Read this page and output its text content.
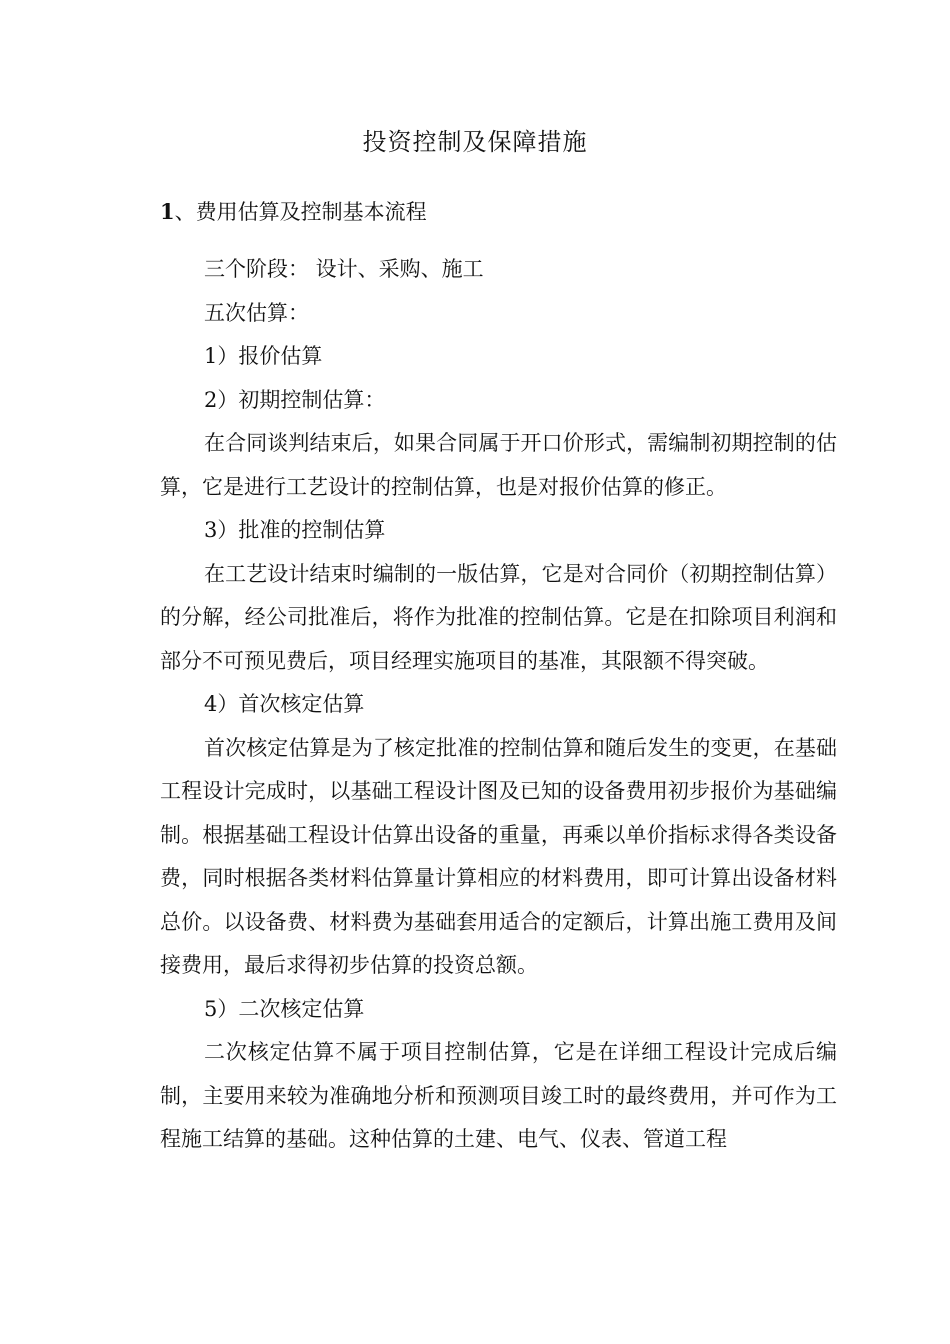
投资控制及保障措施
1、费用估算及控制基本流程

三个阶段： 设计、采购、施工

五次估算：

1）报价估算

2）初期控制估算：

在合同谈判结束后，如果合同属于开口价形式，需编制初期控制的估算，它是进行工艺设计的控制估算，也是对报价估算的修正。

3）批准的控制估算

在工艺设计结束时编制的一版估算，它是对合同价（初期控制估算）的分解，经公司批准后，将作为批准的控制估算。它是在扣除项目利润和部分不可预见费后，项目经理实施项目的基准，其限额不得突破。

4）首次核定估算

首次核定估算是为了核定批准的控制估算和随后发生的变更，在基础工程设计完成时，以基础工程设计图及已知的设备费用初步报价为基础编制。根据基础工程设计估算出设备的重量，再乘以单价指标求得各类设备费，同时根据各类材料估算量计算相应的材料费用，即可计算出设备材料总价。以设备费、材料费为基础套用适合的定额后，计算出施工费用及间接费用，最后求得初步估算的投资总额。

5）二次核定估算

二次核定估算不属于项目控制估算，它是在详细工程设计完成后编制，主要用来较为准确地分析和预测项目竣工时的最终费用，并可作为工程施工结算的基础。这种估算的土建、电气、仪表、管道工程
